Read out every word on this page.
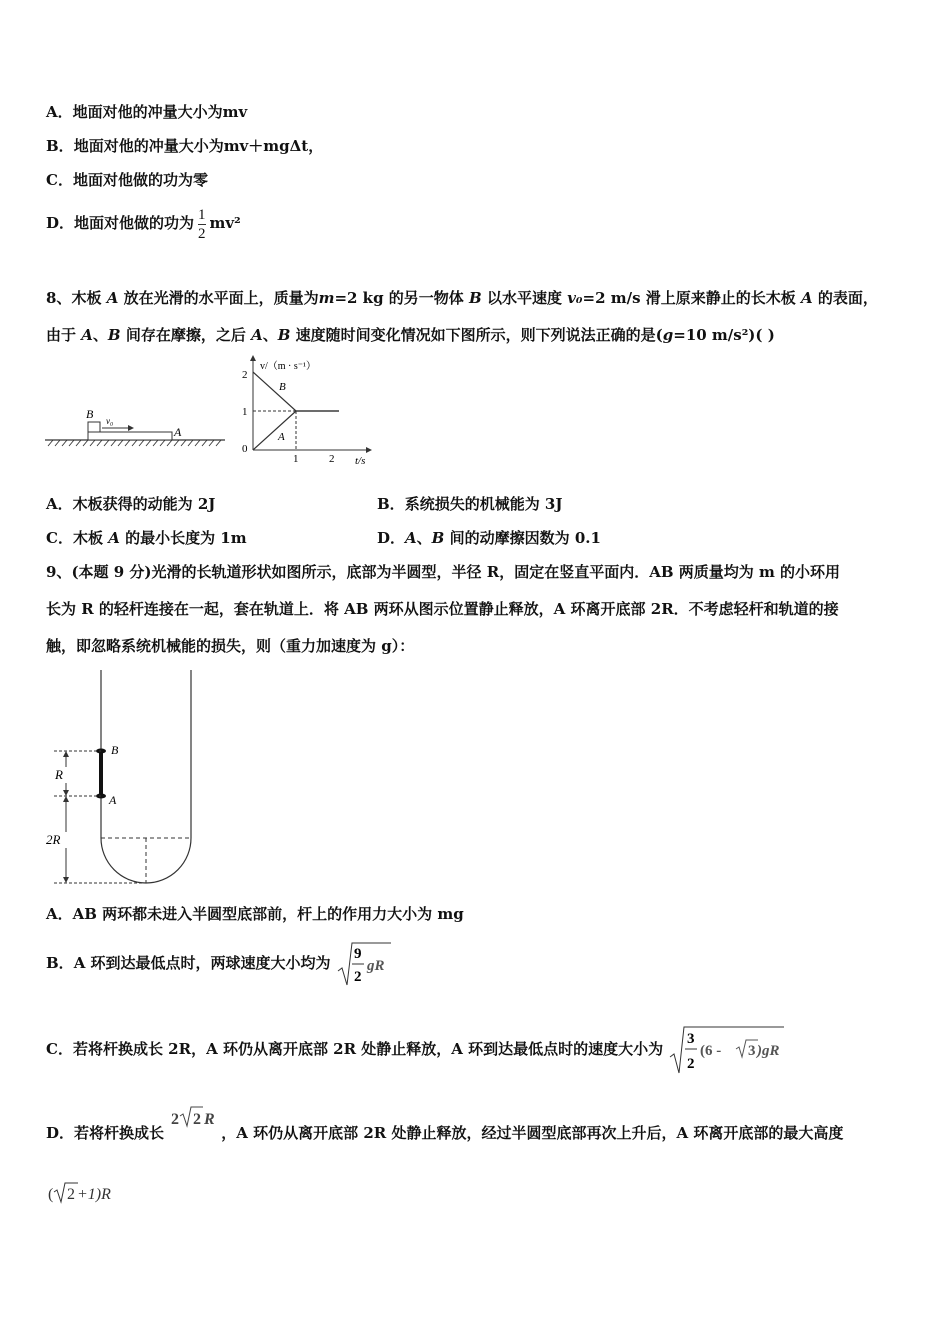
A．地面对他的冲量大小为mv
B．地面对他的冲量大小为mv＋mgΔt，
C．地面对他做的功为零
D．地面对他做的功为 $\frac{1}{2} mv^2$
8、木板 A 放在光滑的水平面上，质量为m=2 kg 的另一物体 B 以水平速度 v₀=2 m/s 滑上原来静止的长木板 A 的表面，
由于 A、B 间存在摩擦，之后 A、B 速度随时间变化情况如下图所示，则下列说法正确的是(g=10 m/s²)( )
B v₀
A
v/（m · s⁻¹）
t/s
2
1
0
1	2
B
A
A．木板获得的动能为 2J	B．系统损失的机械能为 3J
C．木板 A 的最小长度为 1m	D．A、B 间的动摩擦因数为 0.1
9、(本题 9 分)光滑的长轨道形状如图所示，底部为半圆型，半径 R，固定在竖直平面内．AB 两质量均为 m 的小环用
长为 R 的轻杆连接在一起，套在轨道上．将 AB 两环从图示位置静止释放，A 环离开底部 2R．不考虑轻杆和轨道的接
触，即忽略系统机械能的损失，则（重力加速度为 g）：
B
A
R
2R
A．AB 两环都未进入半圆型底部前，杆上的作用力大小为 mg
B．A 环到达最低点时，两球速度大小均为 9
2
gR
C．若将杆换成长 2R，A 环仍从离开底部 2R 处静止释放，A 环到达最低点时的速度大小为
3
2
(6 - 3 )gR
D．若将杆换成长
2 2 R
，A 环仍从离开底部 2R 处静止释放，经过半圆型底部再次上升后，A 环离开底部的最大高度
( 2 +1)R
